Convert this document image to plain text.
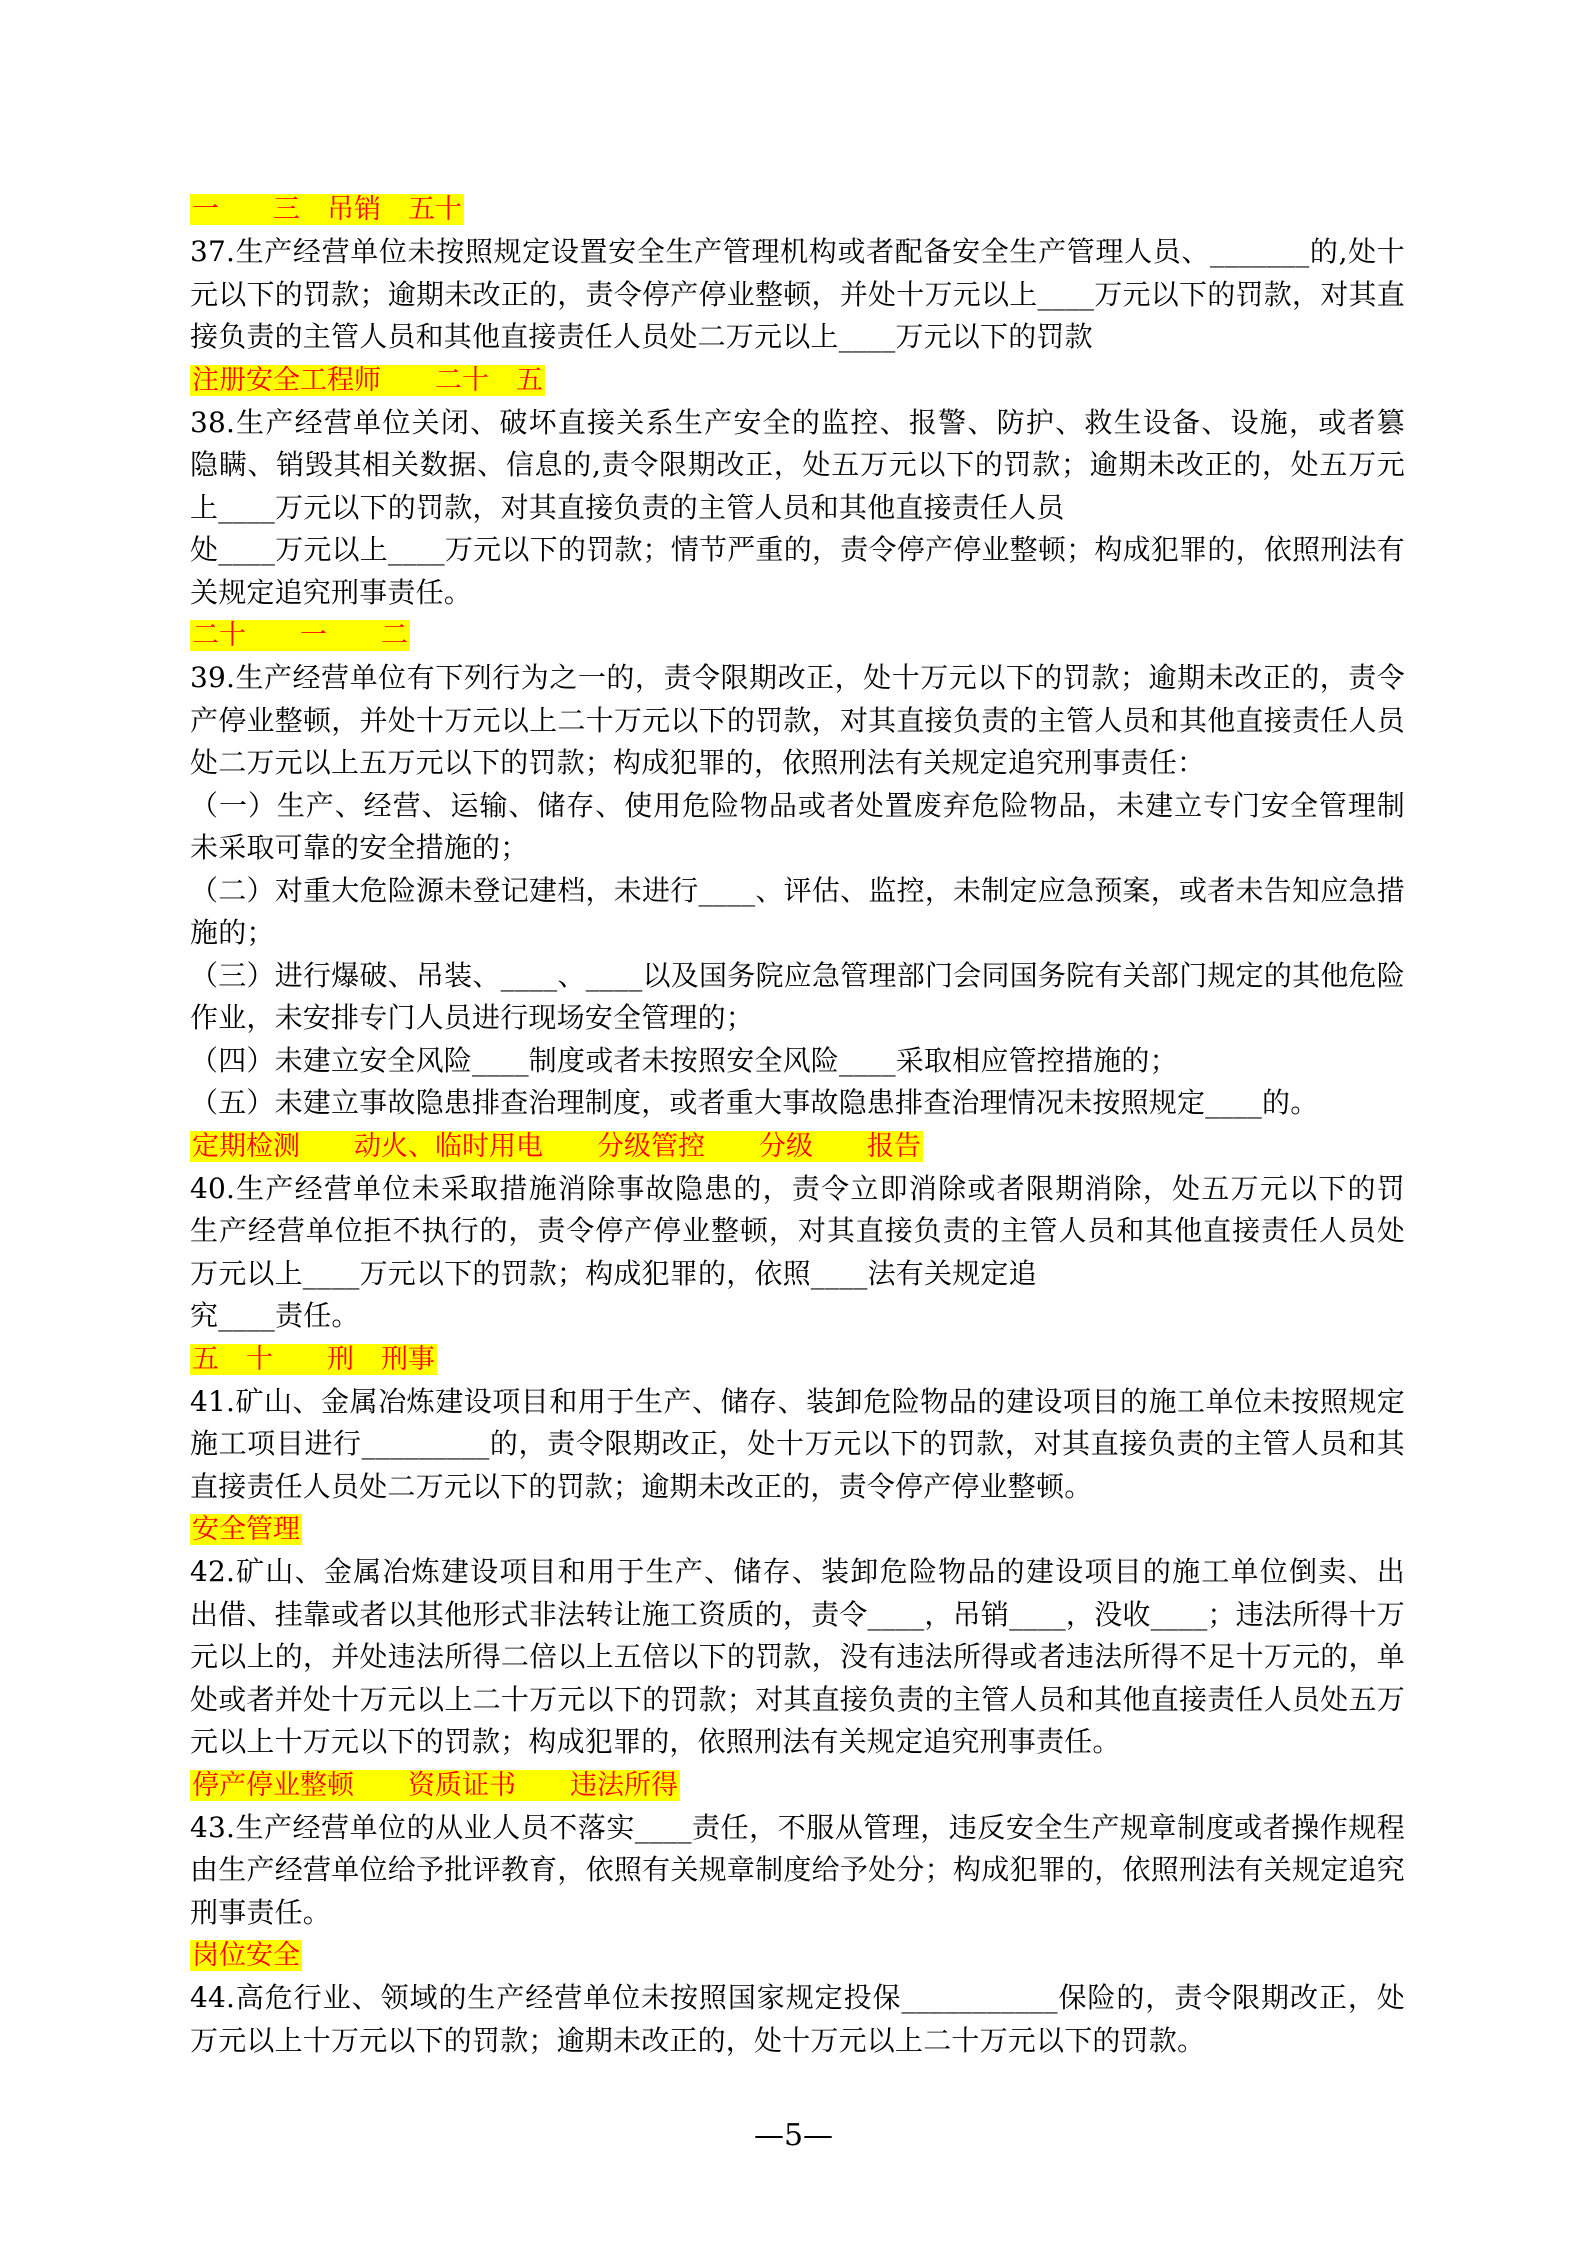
一　　三　吊销　五十

37.生产经营单位未按照规定设置安全生产管理机构或者配备安全生产管理人员、_______的,处十
元以下的罚款；逾期未改正的，责令停产停业整顿，并处十万元以上____万元以下的罚款，对其直
接负责的主管人员和其他直接责任人员处二万元以上____万元以下的罚款

注册安全工程师　　二十　五

38.生产经营单位关闭、破坏直接关系生产安全的监控、报警、防护、救生设备、设施，或者篡
隐瞒、销毁其相关数据、信息的,责令限期改正，处五万元以下的罚款；逾期未改正的，处五万元
上____万元以下的罚款，对其直接负责的主管人员和其他直接责任人员
处____万元以上____万元以下的罚款；情节严重的，责令停产停业整顿；构成犯罪的，依照刑法有
关规定追究刑事责任。

二十　　一　　二

39.生产经营单位有下列行为之一的，责令限期改正，处十万元以下的罚款；逾期未改正的，责令
产停业整顿，并处十万元以上二十万元以下的罚款，对其直接负责的主管人员和其他直接责任人员
处二万元以上五万元以下的罚款；构成犯罪的，依照刑法有关规定追究刑事责任：
（一）生产、经营、运输、储存、使用危险物品或者处置废弃危险物品，未建立专门安全管理制
未采取可靠的安全措施的；
（二）对重大危险源未登记建档，未进行____、评估、监控，未制定应急预案，或者未告知应急措
施的；
（三）进行爆破、吊装、____、____以及国务院应急管理部门会同国务院有关部门规定的其他危险
作业，未安排专门人员进行现场安全管理的；
（四）未建立安全风险____制度或者未按照安全风险____采取相应管控措施的；
（五）未建立事故隐患排查治理制度，或者重大事故隐患排查治理情况未按照规定____的。

定期检测　　动火、临时用电　　分级管控　　分级　　报告

40.生产经营单位未采取措施消除事故隐患的，责令立即消除或者限期消除，处五万元以下的罚
生产经营单位拒不执行的，责令停产停业整顿，对其直接负责的主管人员和其他直接责任人员处
万元以上____万元以下的罚款；构成犯罪的，依照____法有关规定追
究____责任。

五　十　　刑　刑事

41.矿山、金属冶炼建设项目和用于生产、储存、装卸危险物品的建设项目的施工单位未按照规定
施工项目进行_________的，责令限期改正，处十万元以下的罚款，对其直接负责的主管人员和其
直接责任人员处二万元以下的罚款；逾期未改正的，责令停产停业整顿。

安全管理

42.矿山、金属冶炼建设项目和用于生产、储存、装卸危险物品的建设项目的施工单位倒卖、出
出借、挂靠或者以其他形式非法转让施工资质的，责令____，吊销____，没收____；违法所得十万
元以上的，并处违法所得二倍以上五倍以下的罚款，没有违法所得或者违法所得不足十万元的，单
处或者并处十万元以上二十万元以下的罚款；对其直接负责的主管人员和其他直接责任人员处五万
元以上十万元以下的罚款；构成犯罪的，依照刑法有关规定追究刑事责任。

停产停业整顿　　资质证书　　违法所得

43.生产经营单位的从业人员不落实____责任，不服从管理，违反安全生产规章制度或者操作规程
由生产经营单位给予批评教育，依照有关规章制度给予处分；构成犯罪的，依照刑法有关规定追究
刑事责任。

岗位安全

44.高危行业、领域的生产经营单位未按照国家规定投保___________保险的，责令限期改正，处
万元以上十万元以下的罚款；逾期未改正的，处十万元以上二十万元以下的罚款。

—5—
